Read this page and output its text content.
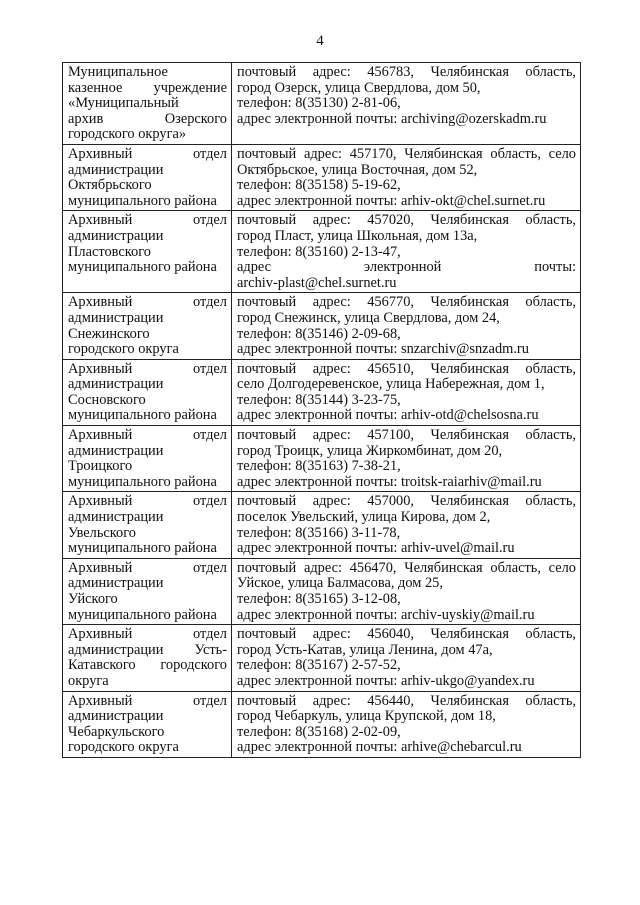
4
Муниципальное
казенное учреждение
«Муниципальный
архив Озерского
городского округа»	почтовый адрес: 456783, Челябинская область,
город Озерск, улица Свердлова, дом 50,
телефон: 8(35130) 2-81-06,
адрес электронной почты: archiving@ozerskadm.ru

Архивный отдел
администрации
Октябрьского
муниципального района	почтовый адрес: 457170, Челябинская область, село
Октябрьское, улица Восточная, дом 52,
телефон: 8(35158) 5-19-62,
адрес электронной почты: arhiv-okt@chel.surnet.ru

Архивный отдел
администрации
Пластовского
муниципального района	почтовый адрес: 457020, Челябинская область,
город Пласт, улица Школьная, дом 13а,
телефон: 8(35160) 2-13-47,
адрес электронной почты:
archiv-plast@chel.surnet.ru

Архивный отдел
администрации
Снежинского
городского округа	почтовый адрес: 456770, Челябинская область,
город Снежинск, улица Свердлова, дом 24,
телефон: 8(35146) 2-09-68,
адрес электронной почты: snzarchiv@snzadm.ru

Архивный отдел
администрации
Сосновского
муниципального района	почтовый адрес: 456510, Челябинская область,
село Долгодеревенское, улица Набережная, дом 1,
телефон: 8(35144) 3-23-75,
адрес электронной почты: arhiv-otd@chelsosna.ru

Архивный отдел
администрации
Троицкого
муниципального района	почтовый адрес: 457100, Челябинская область,
город Троицк, улица Жиркомбинат, дом 20,
телефон: 8(35163) 7-38-21,
адрес электронной почты: troitsk-raiarhiv@mail.ru

Архивный отдел
администрации
Увельского
муниципального района	почтовый адрес: 457000, Челябинская область,
поселок Увельский, улица Кирова, дом 2,
телефон: 8(35166) 3-11-78,
адрес электронной почты: arhiv-uvel@mail.ru

Архивный отдел
администрации
Уйского
муниципального района	почтовый адрес: 456470, Челябинская область, село
Уйское, улица Балмасова, дом 25,
телефон: 8(35165) 3-12-08,
адрес электронной почты: archiv-uyskiy@mail.ru

Архивный отдел
администрации Усть-
Катавского городского
округа	почтовый адрес: 456040, Челябинская область,
город Усть-Катав, улица Ленина, дом 47а,
телефон: 8(35167) 2-57-52,
адрес электронной почты: arhiv-ukgo@yandex.ru

Архивный отдел
администрации
Чебаркульского
городского округа	почтовый адрес: 456440, Челябинская область,
город Чебаркуль, улица Крупской, дом 18,
телефон: 8(35168) 2-02-09,
адрес электронной почты: arhive@chebarcul.ru
